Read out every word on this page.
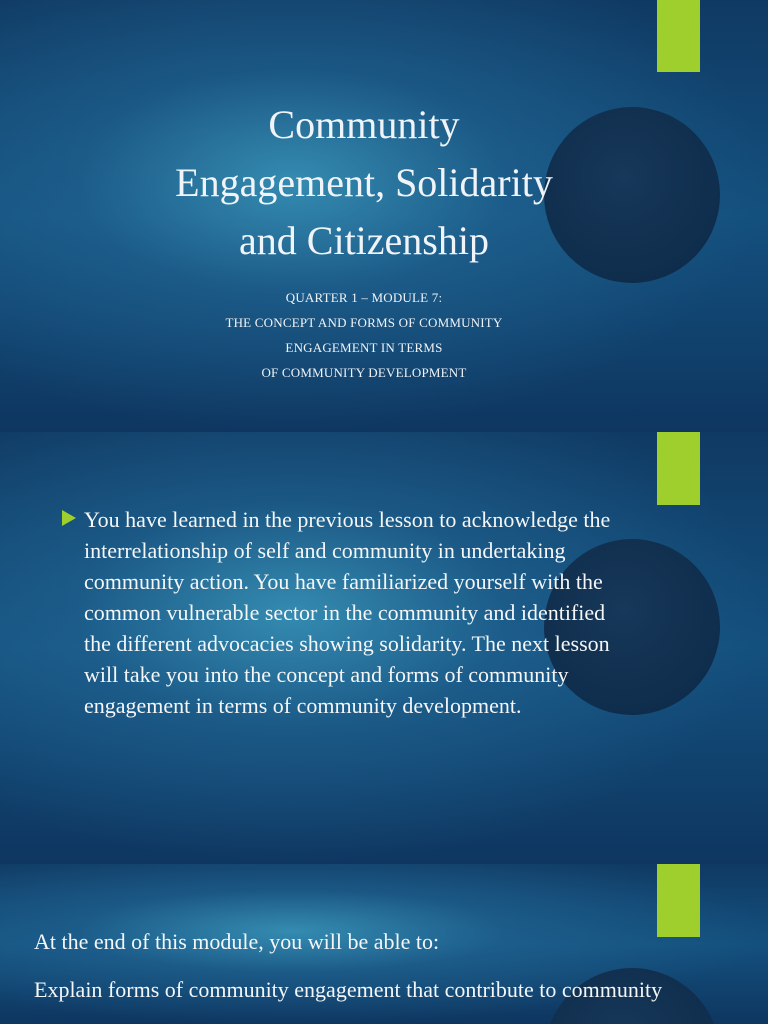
Community
Engagement, Solidarity
and Citizenship
QUARTER 1 – MODULE 7:
THE CONCEPT AND FORMS OF COMMUNITY
ENGAGEMENT IN TERMS
OF COMMUNITY DEVELOPMENT
You have learned in the previous lesson to acknowledge the interrelationship of self and community in undertaking community action. You have familiarized yourself with the common vulnerable sector in the community and identified the different advocacies showing solidarity. The next lesson will take you into the concept and forms of community engagement in terms of community development.
At the end of this module, you will be able to:
Explain forms of community engagement that contribute to community
